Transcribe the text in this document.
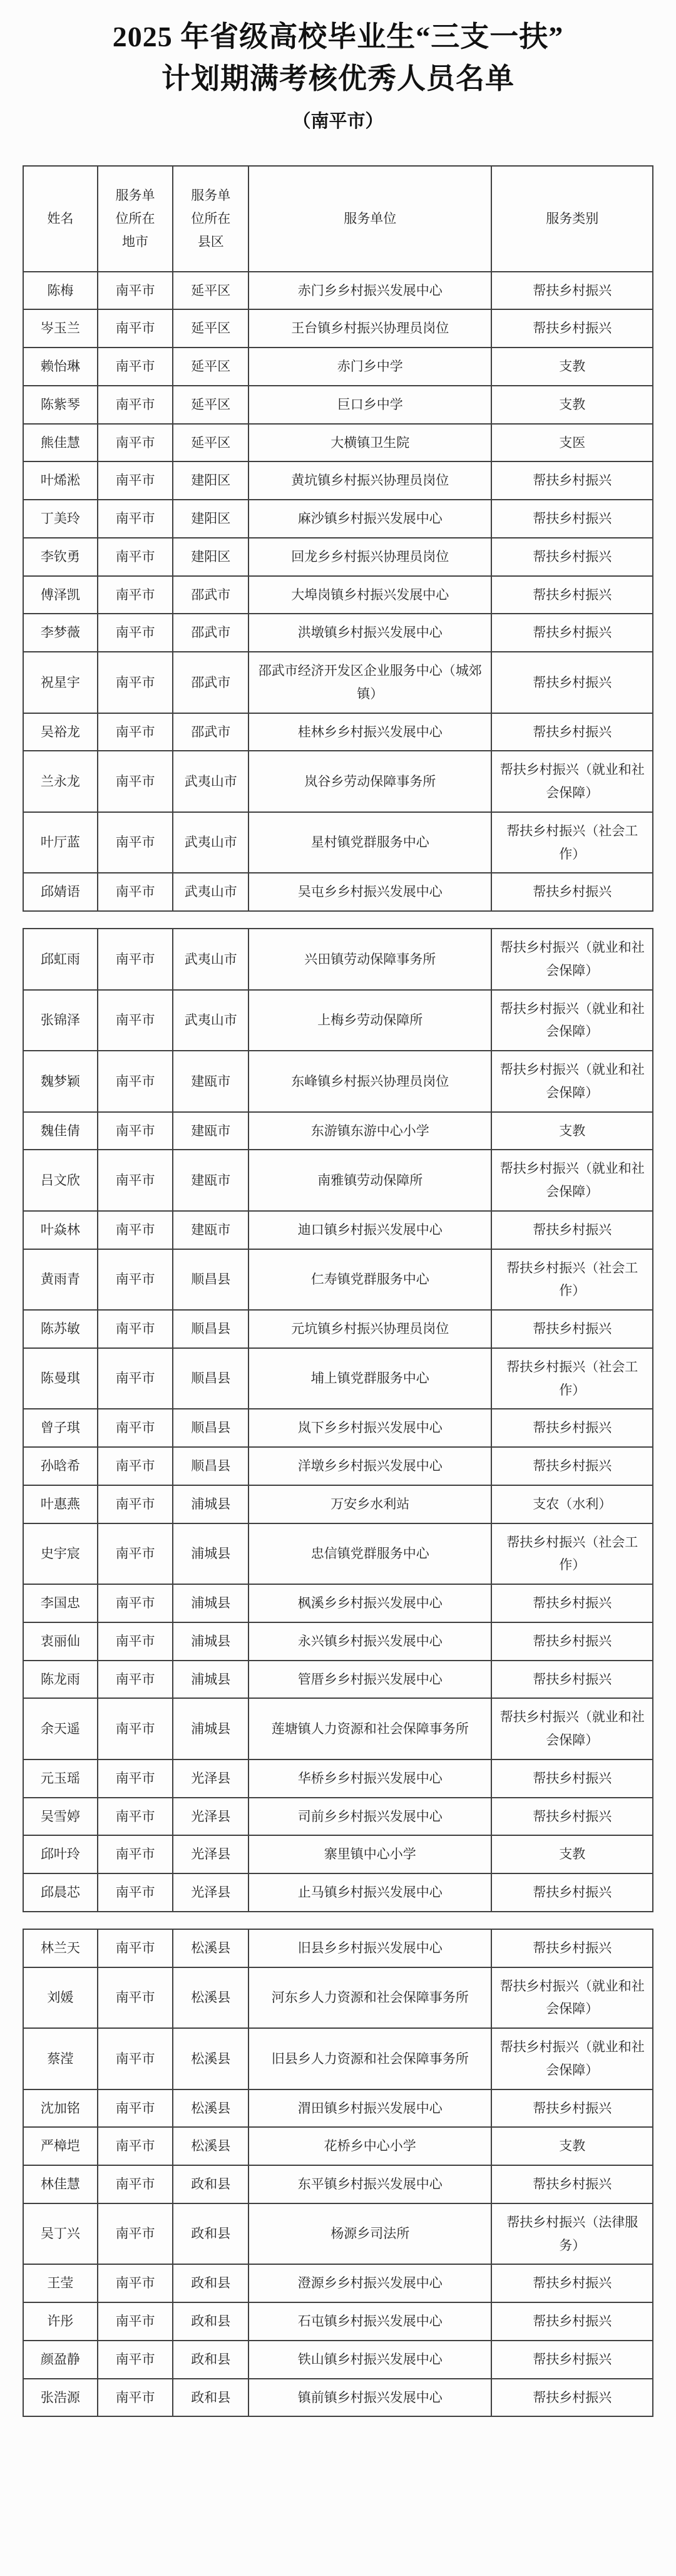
2025 年省级高校毕业生“三支一扶”
计划期满考核优秀人员名单
（南平市）
姓名	服务单位所在地市	服务单位所在县区	服务单位	服务类别
陈梅	南平市	延平区	赤门乡乡村振兴发展中心	帮扶乡村振兴
岑玉兰	南平市	延平区	王台镇乡村振兴协理员岗位	帮扶乡村振兴
赖怡琳	南平市	延平区	赤门乡中学	支教
陈紫琴	南平市	延平区	巨口乡中学	支教
熊佳慧	南平市	延平区	大横镇卫生院	支医
叶烯淞	南平市	建阳区	黄坑镇乡村振兴协理员岗位	帮扶乡村振兴
丁美玲	南平市	建阳区	麻沙镇乡村振兴发展中心	帮扶乡村振兴
李钦勇	南平市	建阳区	回龙乡乡村振兴协理员岗位	帮扶乡村振兴
傅泽凯	南平市	邵武市	大埠岗镇乡村振兴发展中心	帮扶乡村振兴
李梦薇	南平市	邵武市	洪墩镇乡村振兴发展中心	帮扶乡村振兴
祝星宇	南平市	邵武市	邵武市经济开发区企业服务中心（城郊镇）	帮扶乡村振兴
吴裕龙	南平市	邵武市	桂林乡乡村振兴发展中心	帮扶乡村振兴
兰永龙	南平市	武夷山市	岚谷乡劳动保障事务所	帮扶乡村振兴（就业和社会保障）
叶厅蓝	南平市	武夷山市	星村镇党群服务中心	帮扶乡村振兴（社会工作）
邱婧语	南平市	武夷山市	吴屯乡乡村振兴发展中心	帮扶乡村振兴
邱虹雨	南平市	武夷山市	兴田镇劳动保障事务所	帮扶乡村振兴（就业和社会保障）
张锦泽	南平市	武夷山市	上梅乡劳动保障所	帮扶乡村振兴（就业和社会保障）
魏梦颖	南平市	建瓯市	东峰镇乡村振兴协理员岗位	帮扶乡村振兴（就业和社会保障）
魏佳倩	南平市	建瓯市	东游镇东游中心小学	支教
吕文欣	南平市	建瓯市	南雅镇劳动保障所	帮扶乡村振兴（就业和社会保障）
叶焱林	南平市	建瓯市	迪口镇乡村振兴发展中心	帮扶乡村振兴
黄雨青	南平市	顺昌县	仁寿镇党群服务中心	帮扶乡村振兴（社会工作）
陈苏敏	南平市	顺昌县	元坑镇乡村振兴协理员岗位	帮扶乡村振兴
陈曼琪	南平市	顺昌县	埔上镇党群服务中心	帮扶乡村振兴（社会工作）
曾子琪	南平市	顺昌县	岚下乡乡村振兴发展中心	帮扶乡村振兴
孙晗希	南平市	顺昌县	洋墩乡乡村振兴发展中心	帮扶乡村振兴
叶惠燕	南平市	浦城县	万安乡水利站	支农（水利）
史宇宸	南平市	浦城县	忠信镇党群服务中心	帮扶乡村振兴（社会工作）
李国忠	南平市	浦城县	枫溪乡乡村振兴发展中心	帮扶乡村振兴
衷丽仙	南平市	浦城县	永兴镇乡村振兴发展中心	帮扶乡村振兴
陈龙雨	南平市	浦城县	管厝乡乡村振兴发展中心	帮扶乡村振兴
余天遥	南平市	浦城县	莲塘镇人力资源和社会保障事务所	帮扶乡村振兴（就业和社会保障）
元玉瑶	南平市	光泽县	华桥乡乡村振兴发展中心	帮扶乡村振兴
吴雪婷	南平市	光泽县	司前乡乡村振兴发展中心	帮扶乡村振兴
邱叶玲	南平市	光泽县	寨里镇中心小学	支教
邱晨芯	南平市	光泽县	止马镇乡村振兴发展中心	帮扶乡村振兴
林兰天	南平市	松溪县	旧县乡乡村振兴发展中心	帮扶乡村振兴
刘媛	南平市	松溪县	河东乡人力资源和社会保障事务所	帮扶乡村振兴（就业和社会保障）
蔡滢	南平市	松溪县	旧县乡人力资源和社会保障事务所	帮扶乡村振兴（就业和社会保障）
沈加铭	南平市	松溪县	渭田镇乡村振兴发展中心	帮扶乡村振兴
严樟垲	南平市	松溪县	花桥乡中心小学	支教
林佳慧	南平市	政和县	东平镇乡村振兴发展中心	帮扶乡村振兴
吴丁兴	南平市	政和县	杨源乡司法所	帮扶乡村振兴（法律服务）
王莹	南平市	政和县	澄源乡乡村振兴发展中心	帮扶乡村振兴
许彤	南平市	政和县	石屯镇乡村振兴发展中心	帮扶乡村振兴
颜盈静	南平市	政和县	铁山镇乡村振兴发展中心	帮扶乡村振兴
张浩源	南平市	政和县	镇前镇乡村振兴发展中心	帮扶乡村振兴
